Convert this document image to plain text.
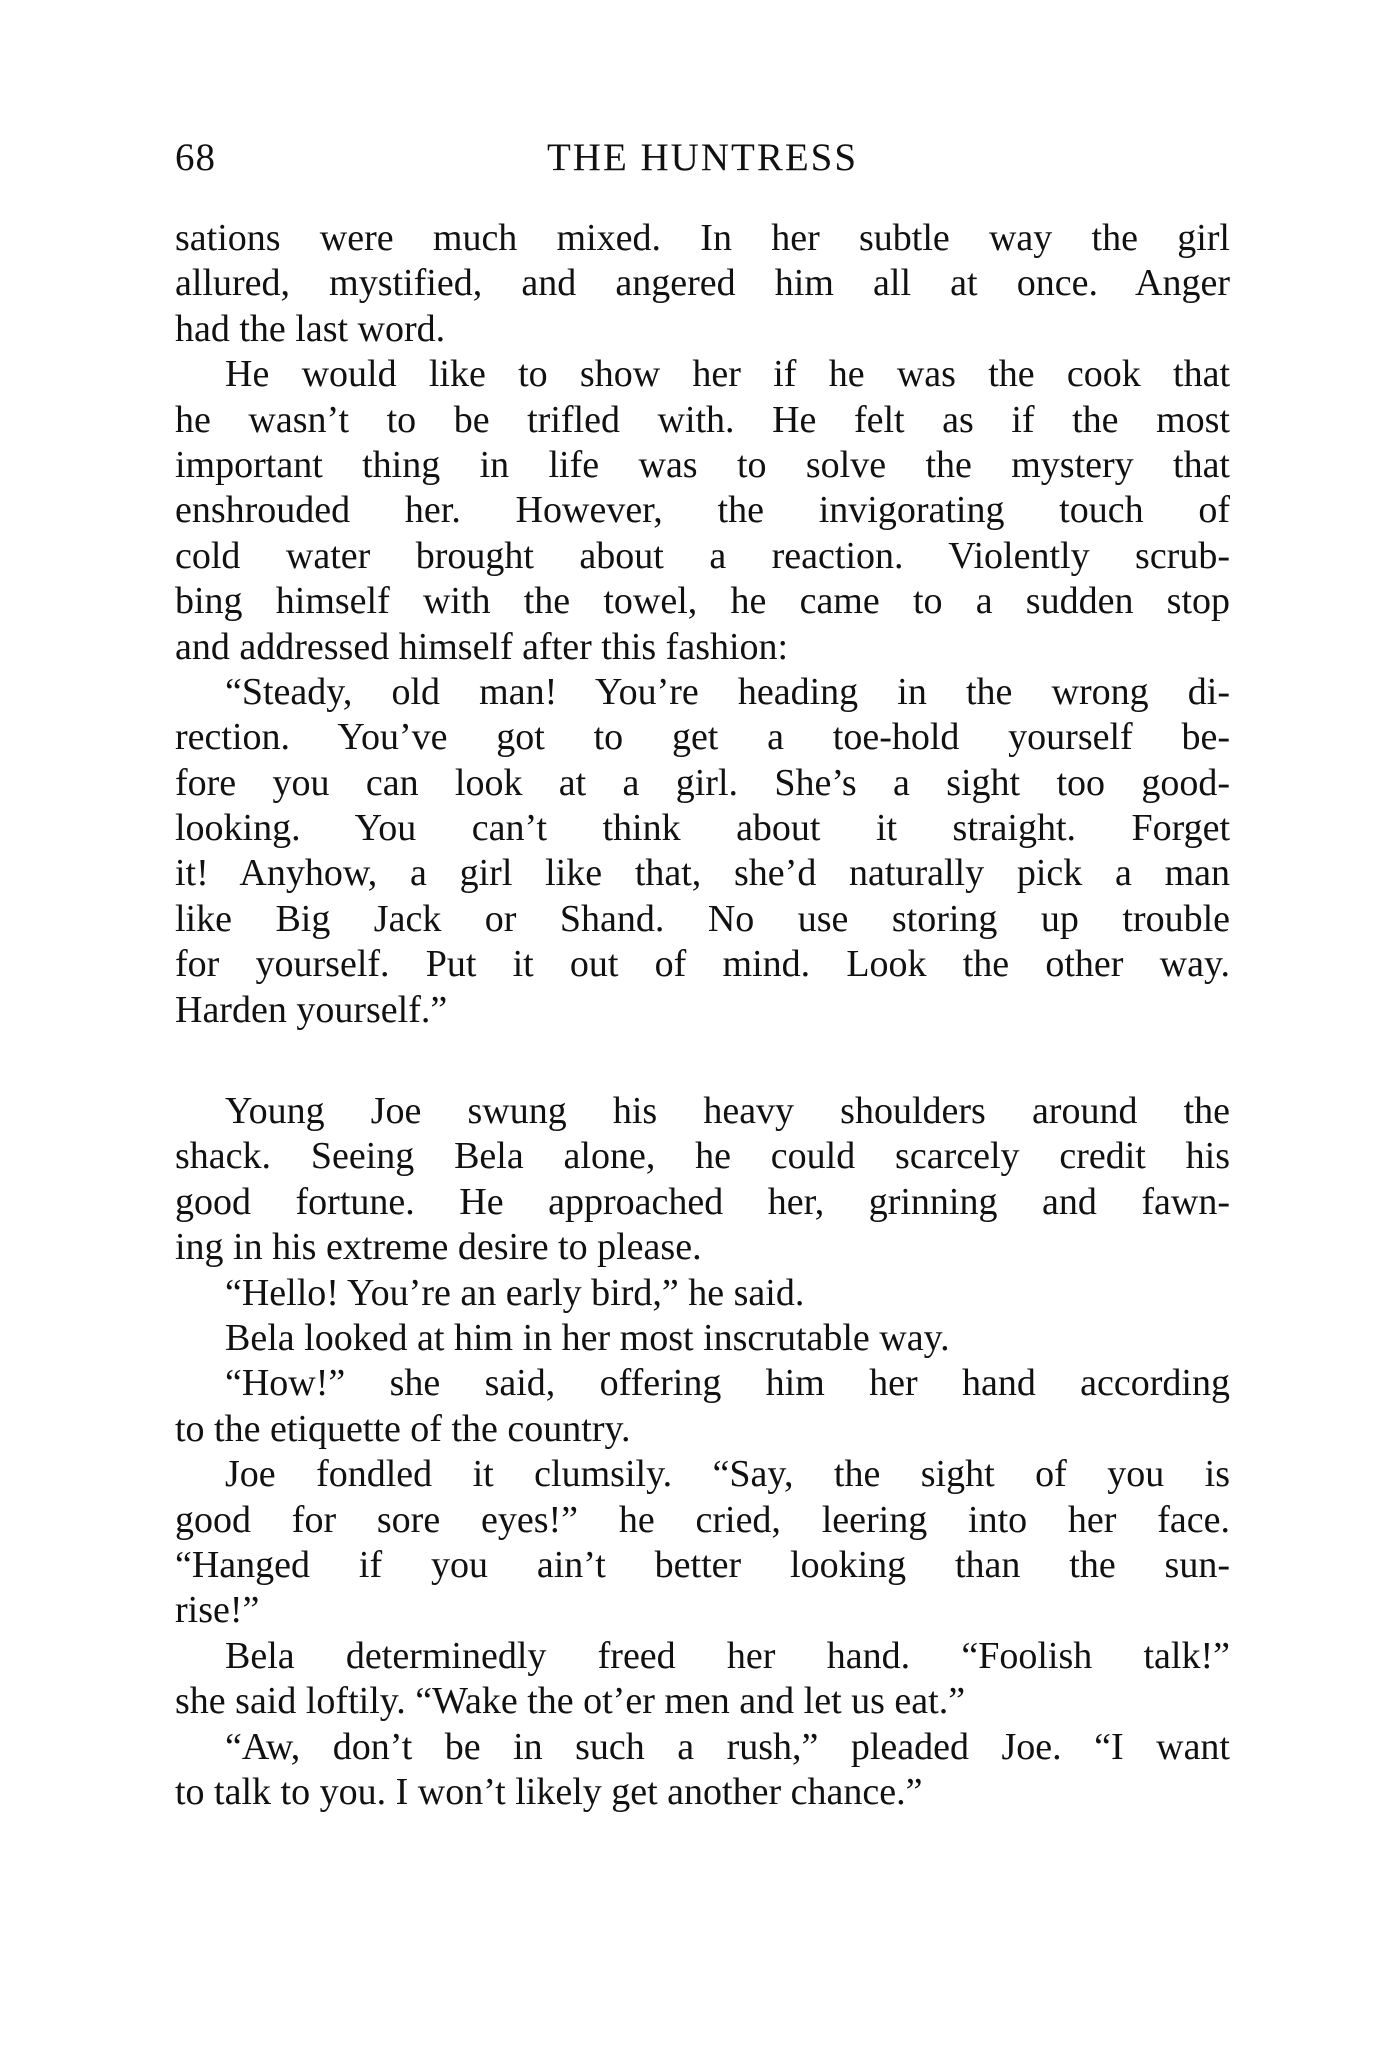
68	THE HUNTRESS

sations were much mixed. In her subtle way the girl
allured, mystified, and angered him all at once. Anger
had the last word.

He would like to show her if he was the cook that
he wasn’t to be trifled with. He felt as if the most
important thing in life was to solve the mystery that
enshrouded her. However, the invigorating touch of
cold water brought about a reaction. Violently scrub-
bing himself with the towel, he came to a sudden stop
and addressed himself after this fashion:

“Steady, old man! You’re heading in the wrong di-
rection. You’ve got to get a toe-hold yourself be-
fore you can look at a girl. She’s a sight too good-
looking. You can’t think about it straight. Forget
it! Anyhow, a girl like that, she’d naturally pick a man
like Big Jack or Shand. No use storing up trouble
for yourself. Put it out of mind. Look the other way.
Harden yourself.”

Young Joe swung his heavy shoulders around the
shack. Seeing Bela alone, he could scarcely credit his
good fortune. He approached her, grinning and fawn-
ing in his extreme desire to please.

“Hello! You’re an early bird,” he said.

Bela looked at him in her most inscrutable way.

“How!” she said, offering him her hand according
to the etiquette of the country.

Joe fondled it clumsily. “Say, the sight of you is
good for sore eyes!” he cried, leering into her face.
“Hanged if you ain’t better looking than the sun-
rise!”

Bela determinedly freed her hand. “Foolish talk!”
she said loftily. “Wake the ot’er men and let us eat.”

“Aw, don’t be in such a rush,” pleaded Joe. “I want
to talk to you. I won’t likely get another chance.”
